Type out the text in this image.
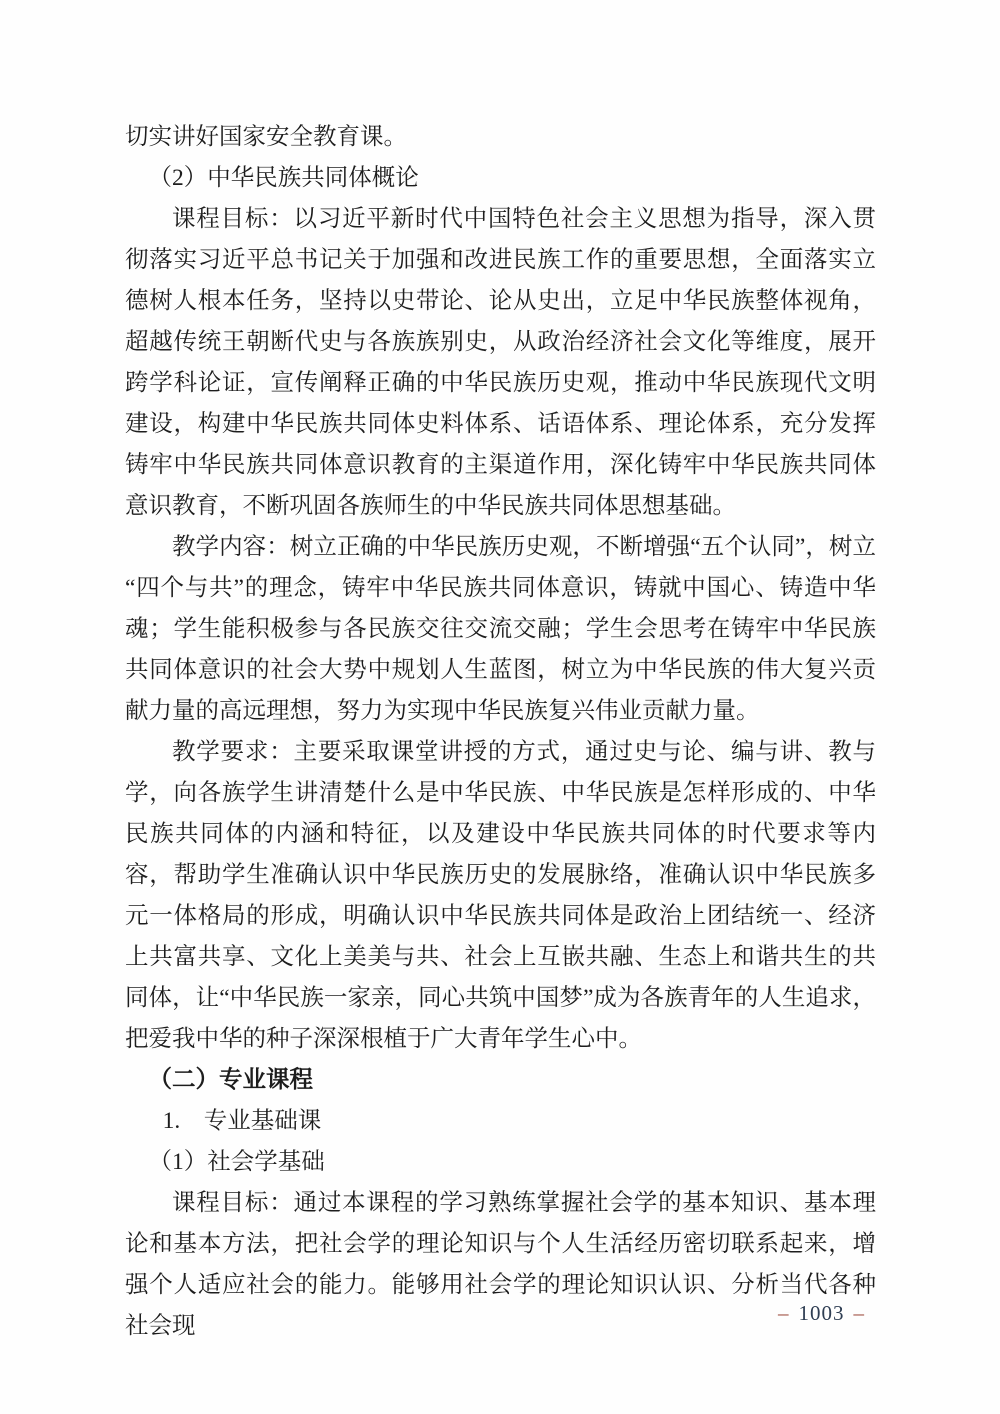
切实讲好国家安全教育课。

（2）中华民族共同体概论

课程目标：以习近平新时代中国特色社会主义思想为指导，深入贯彻落实习近平总书记关于加强和改进民族工作的重要思想，全面落实立德树人根本任务，坚持以史带论、论从史出，立足中华民族整体视角，超越传统王朝断代史与各族族别史，从政治经济社会文化等维度，展开跨学科论证，宣传阐释正确的中华民族历史观，推动中华民族现代文明建设，构建中华民族共同体史料体系、话语体系、理论体系，充分发挥铸牢中华民族共同体意识教育的主渠道作用，深化铸牢中华民族共同体意识教育，不断巩固各族师生的中华民族共同体思想基础。

教学内容：树立正确的中华民族历史观，不断增强“五个认同”，树立“四个与共”的理念，铸牢中华民族共同体意识，铸就中国心、铸造中华魂；学生能积极参与各民族交往交流交融；学生会思考在铸牢中华民族共同体意识的社会大势中规划人生蓝图，树立为中华民族的伟大复兴贡献力量的高远理想，努力为实现中华民族复兴伟业贡献力量。

教学要求：主要采取课堂讲授的方式，通过史与论、编与讲、教与学，向各族学生讲清楚什么是中华民族、中华民族是怎样形成的、中华民族共同体的内涵和特征，以及建设中华民族共同体的时代要求等内容，帮助学生准确认识中华民族历史的发展脉络，准确认识中华民族多元一体格局的形成，明确认识中华民族共同体是政治上团结统一、经济上共富共享、文化上美美与共、社会上互嵌共融、生态上和谐共生的共同体，让“中华民族一家亲，同心共筑中国梦”成为各族青年的人生追求，把爱我中华的种子深深根植于广大青年学生心中。

（二）专业课程

1.　专业基础课

（1）社会学基础

课程目标：通过本课程的学习熟练掌握社会学的基本知识、基本理论和基本方法，把社会学的理论知识与个人生活经历密切联系起来，增强个人适应社会的能力。能够用社会学的理论知识认识、分析当代各种社会现	– 1003 –
